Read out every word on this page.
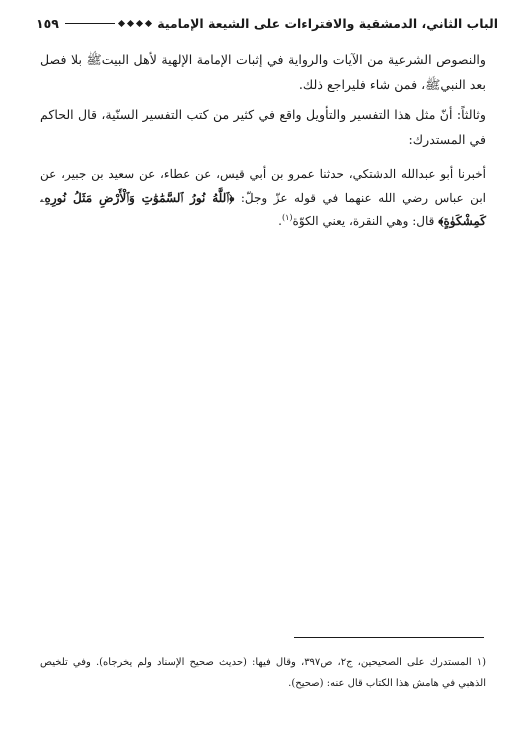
الباب الثاني، الدمشقية والافتراءات على الشيعة الإمامية
١٥٩

والنصوص الشرعية من الآيات والرواية في إثبات الإمامة الإلهية لأهل البيتﷺ بلا فصل بعد النبيﷺ، فمن شاء فليراجع ذلك.

وثالثاً: أنّ مثل هذا التفسير والتأويل واقع في كثير من كتب التفسير السنّية، قال الحاكم في المستدرك:

أخبرنا أبو عبدالله الدشتكي، حدثنا عمرو بن أبي قيس، عن عطاء، عن سعيد بن جبير، عن ابن عباس رضي الله عنهما في قوله عزّ وجلّ: ﴿ٱللَّهُ نُورُ ٱلسَّمَٰوَٰتِ وَٱلْأَرْضِ مَثَلُ نُورِهِۦ كَمِشْكَوٰةٍ﴾ قال: وهي النقرة، يعني الكوّة$^{(١)}$.

(١ المستدرك على الصحيحين، ج٢، ص٣٩٧، وقال فيها: (حديث صحيح الإسناد ولم يخرجاه). وفي تلخيص الذهبي في هامش هذا الكتاب قال عنه: (صحيح).
